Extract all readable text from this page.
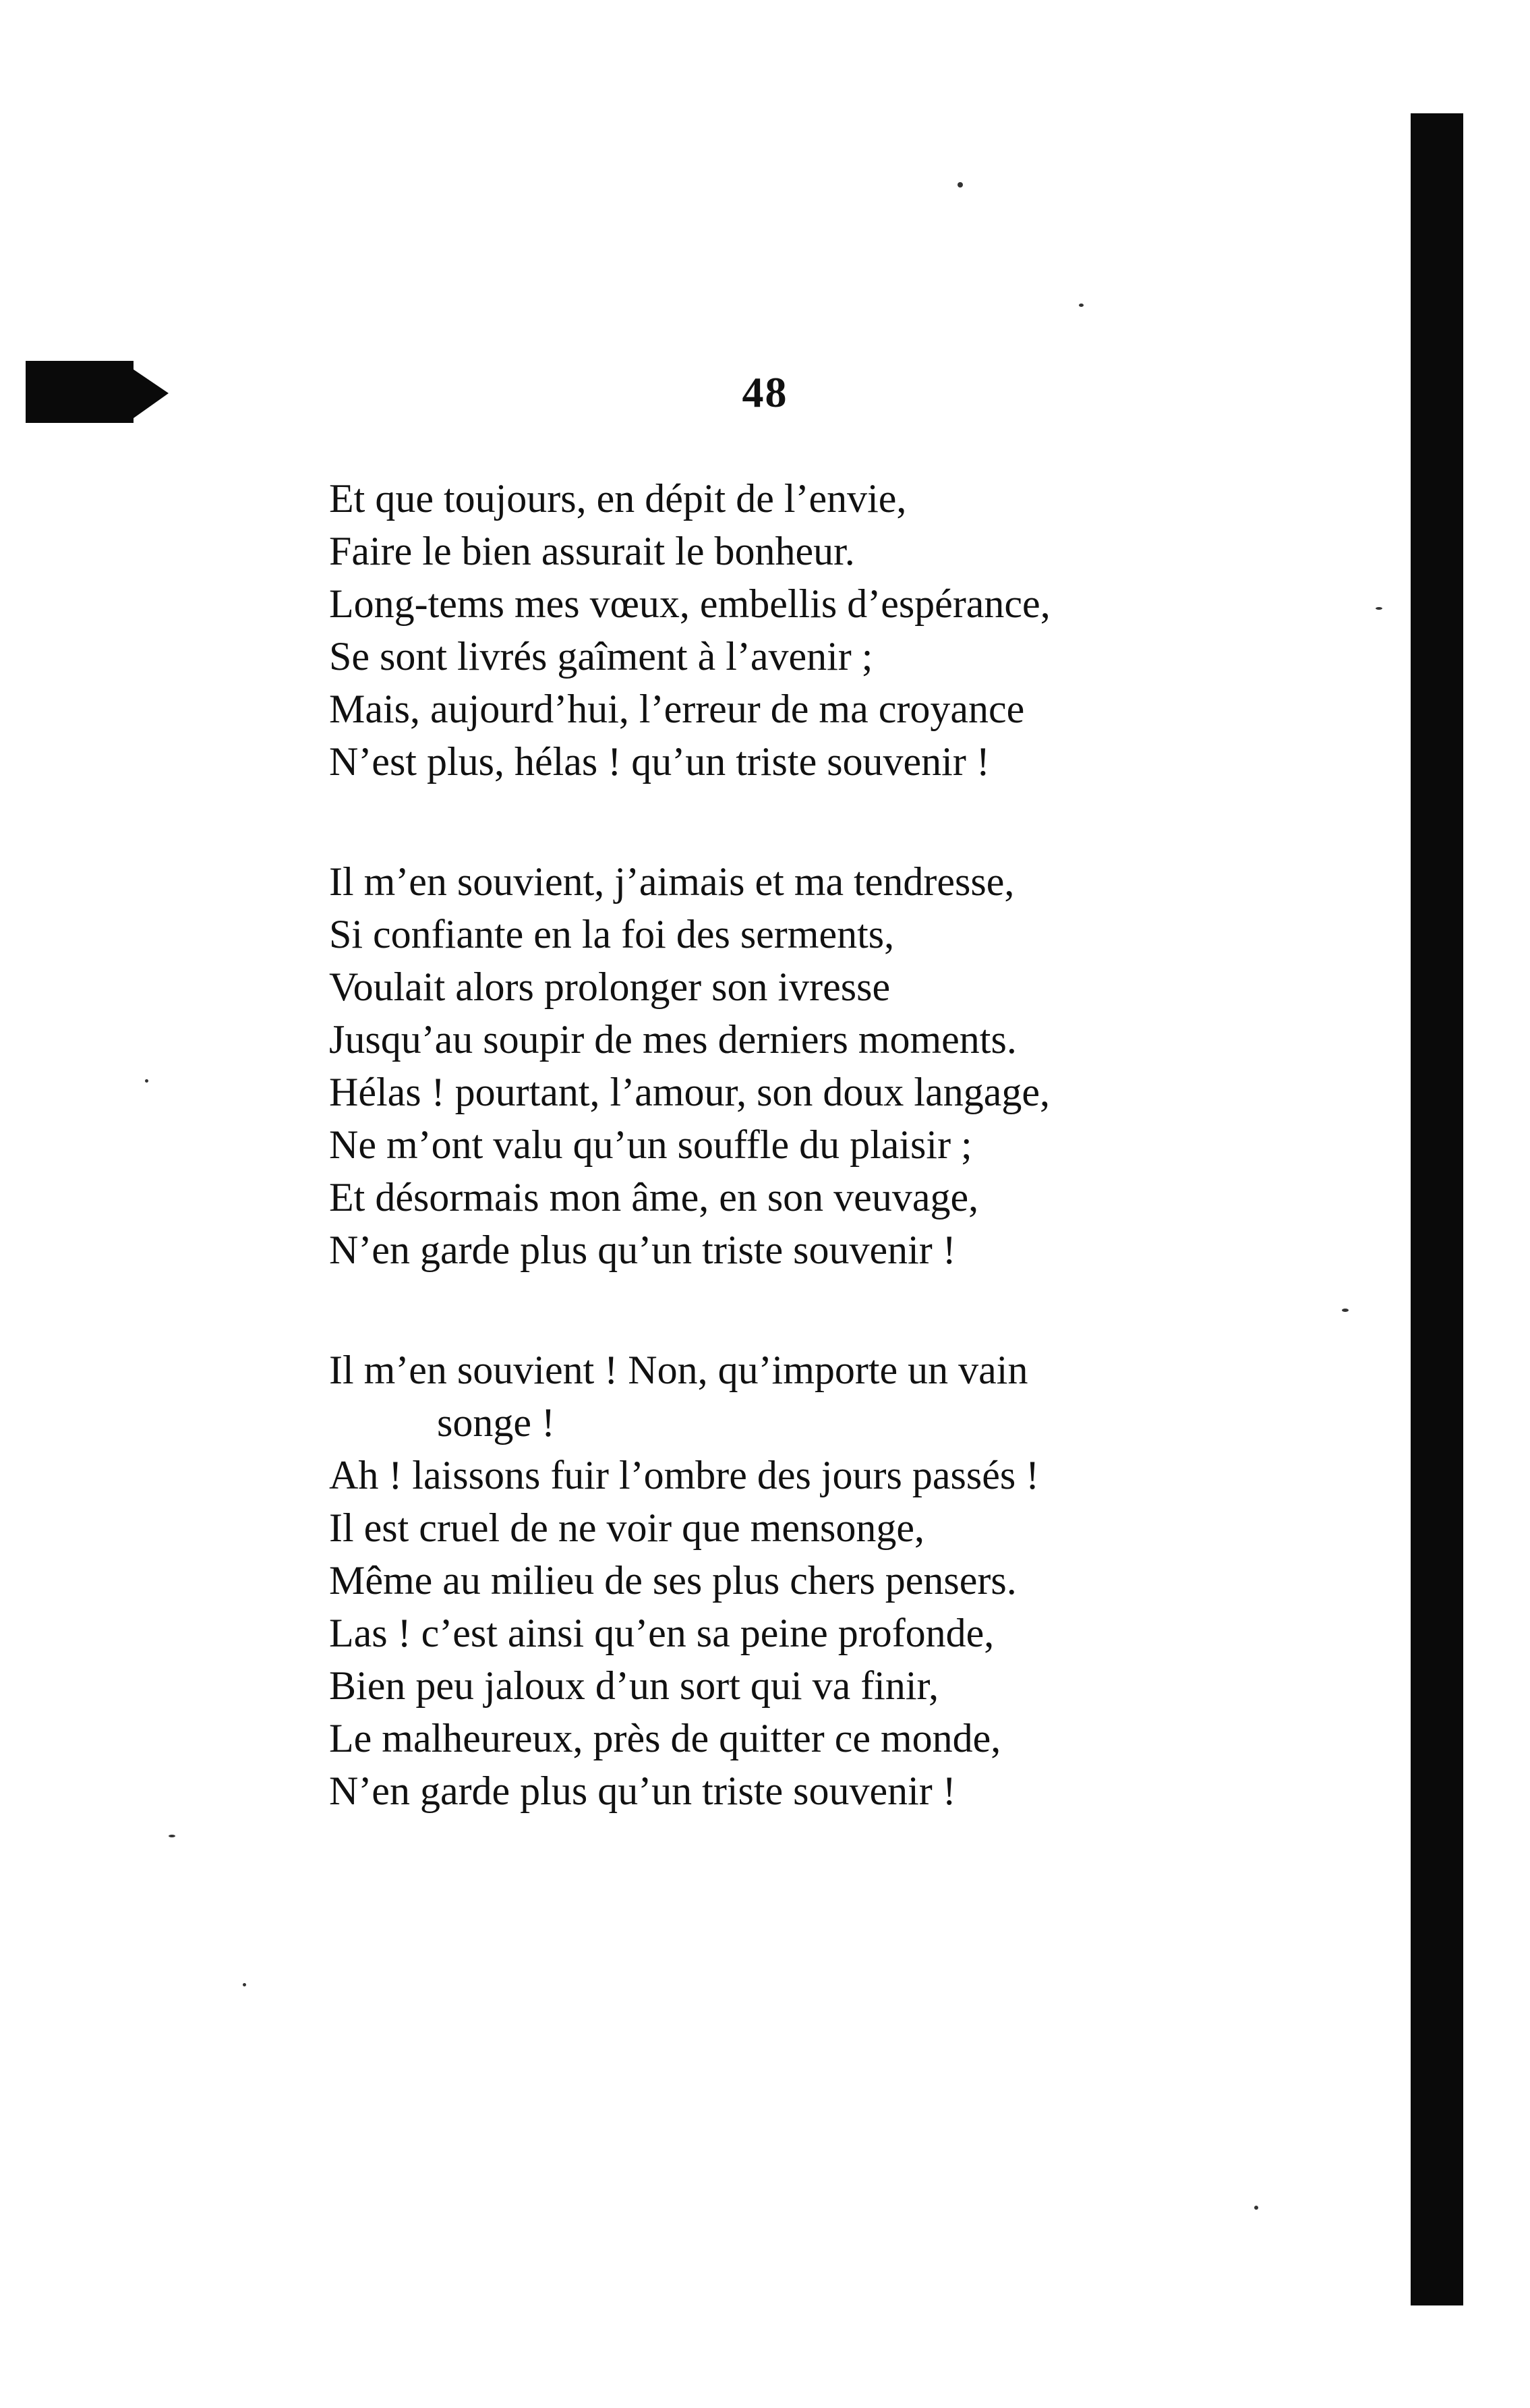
48
Et que toujours, en dépit de l’envie,
Faire le bien assurait le bonheur.
Long-tems mes vœux, embellis d’espérance,
Se sont livrés gaîment à l’avenir ;
Mais, aujourd’hui, l’erreur de ma croyance
N’est plus, hélas ! qu’un triste souvenir !
Il m’en souvient, j’aimais et ma tendresse,
Si confiante en la foi des serments,
Voulait alors prolonger son ivresse
Jusqu’au soupir de mes derniers moments.
Hélas ! pourtant, l’amour, son doux langage,
Ne m’ont valu qu’un souffle du plaisir ;
Et désormais mon âme, en son veuvage,
N’en garde plus qu’un triste souvenir !
Il m’en souvient ! Non, qu’importe un vain
songe !
Ah ! laissons fuir l’ombre des jours passés !
Il est cruel de ne voir que mensonge,
Même au milieu de ses plus chers pensers.
Las ! c’est ainsi qu’en sa peine profonde,
Bien peu jaloux d’un sort qui va finir,
Le malheureux, près de quitter ce monde,
N’en garde plus qu’un triste souvenir !
